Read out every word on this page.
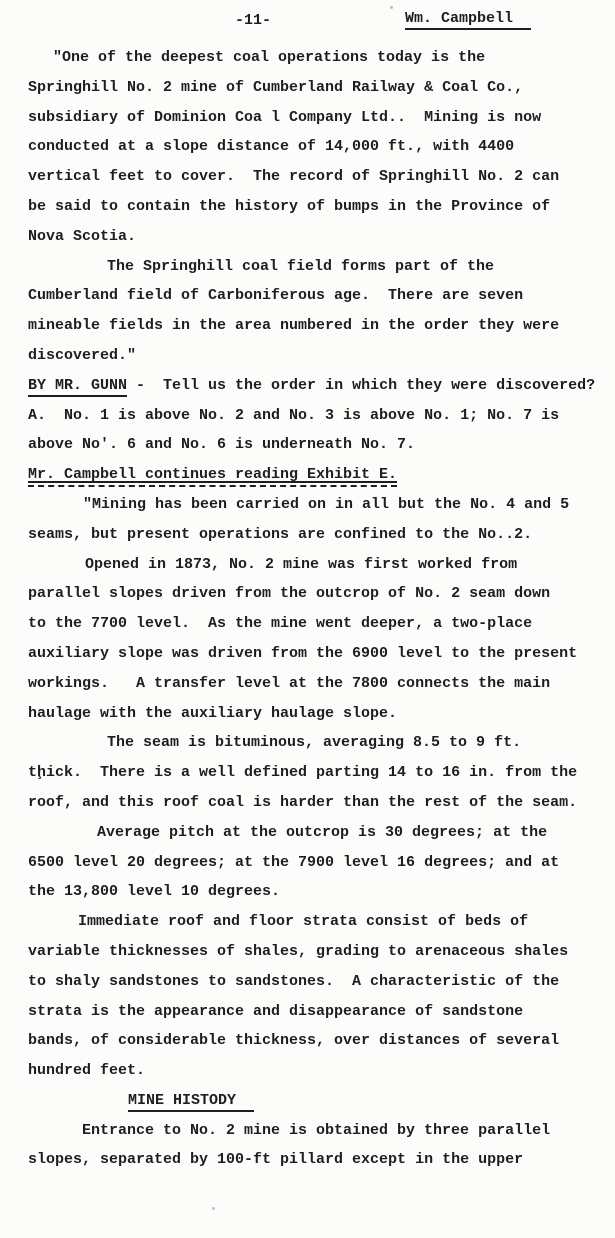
-11-	Wm. Campbell
"One of the deepest coal operations today is the
Springhill No. 2 mine of Cumberland Railway & Coal Co.,
subsidiary of Dominion Coa l Company Ltd..  Mining is now
conducted at a slope distance of 14,000 ft., with 4400
vertical feet to cover.  The record of Springhill No. 2 can
be said to contain the history of bumps in the Province of
Nova Scotia.
The Springhill coal field forms part of the
Cumberland field of Carboniferous age.  There are seven
mineable fields in the area numbered in the order they were
discovered."
BY MR. GUNN -  Tell us the order in which they were discovered?
A.  No. 1 is above No. 2 and No. 3 is above No. 1; No. 7 is
above No'. 6 and No. 6 is underneath No. 7.
Mr. Campbell continues reading Exhibit E.
"Mining has been carried on in all but the No. 4 and 5
seams, but present operations are confined to the No..2.
Opened in 1873, No. 2 mine was first worked from
parallel slopes driven from the outcrop of No. 2 seam down
to the 7700 level.  As the mine went deeper, a two-place
auxiliary slope was driven from the 6900 level to the present
workings.   A transfer level at the 7800 connects the main
haulage with the auxiliary haulage slope.
The seam is bituminous, averaging 8.5 to 9 ft.
tḩick.  There is a well defined parting 14 to 16 in. from the
roof, and this roof coal is harder than the rest of the seam.
Average pitch at the outcrop is 30 degrees; at the
6500 level 20 degrees; at the 7900 level 16 degrees; and at
the 13,800 level 10 degrees.
Immediate roof and floor strata consist of beds of
variable thicknesses of shales, grading to arenaceous shales
to shaly sandstones to sandstones.  A characteristic of the
strata is the appearance and disappearance of sandstone
bands, of considerable thickness, over distances of several
hundred feet.
MINE HISTODY
Entrance to No. 2 mine is obtained by three parallel
slopes, separated by 100-ft pillard except in the upper
